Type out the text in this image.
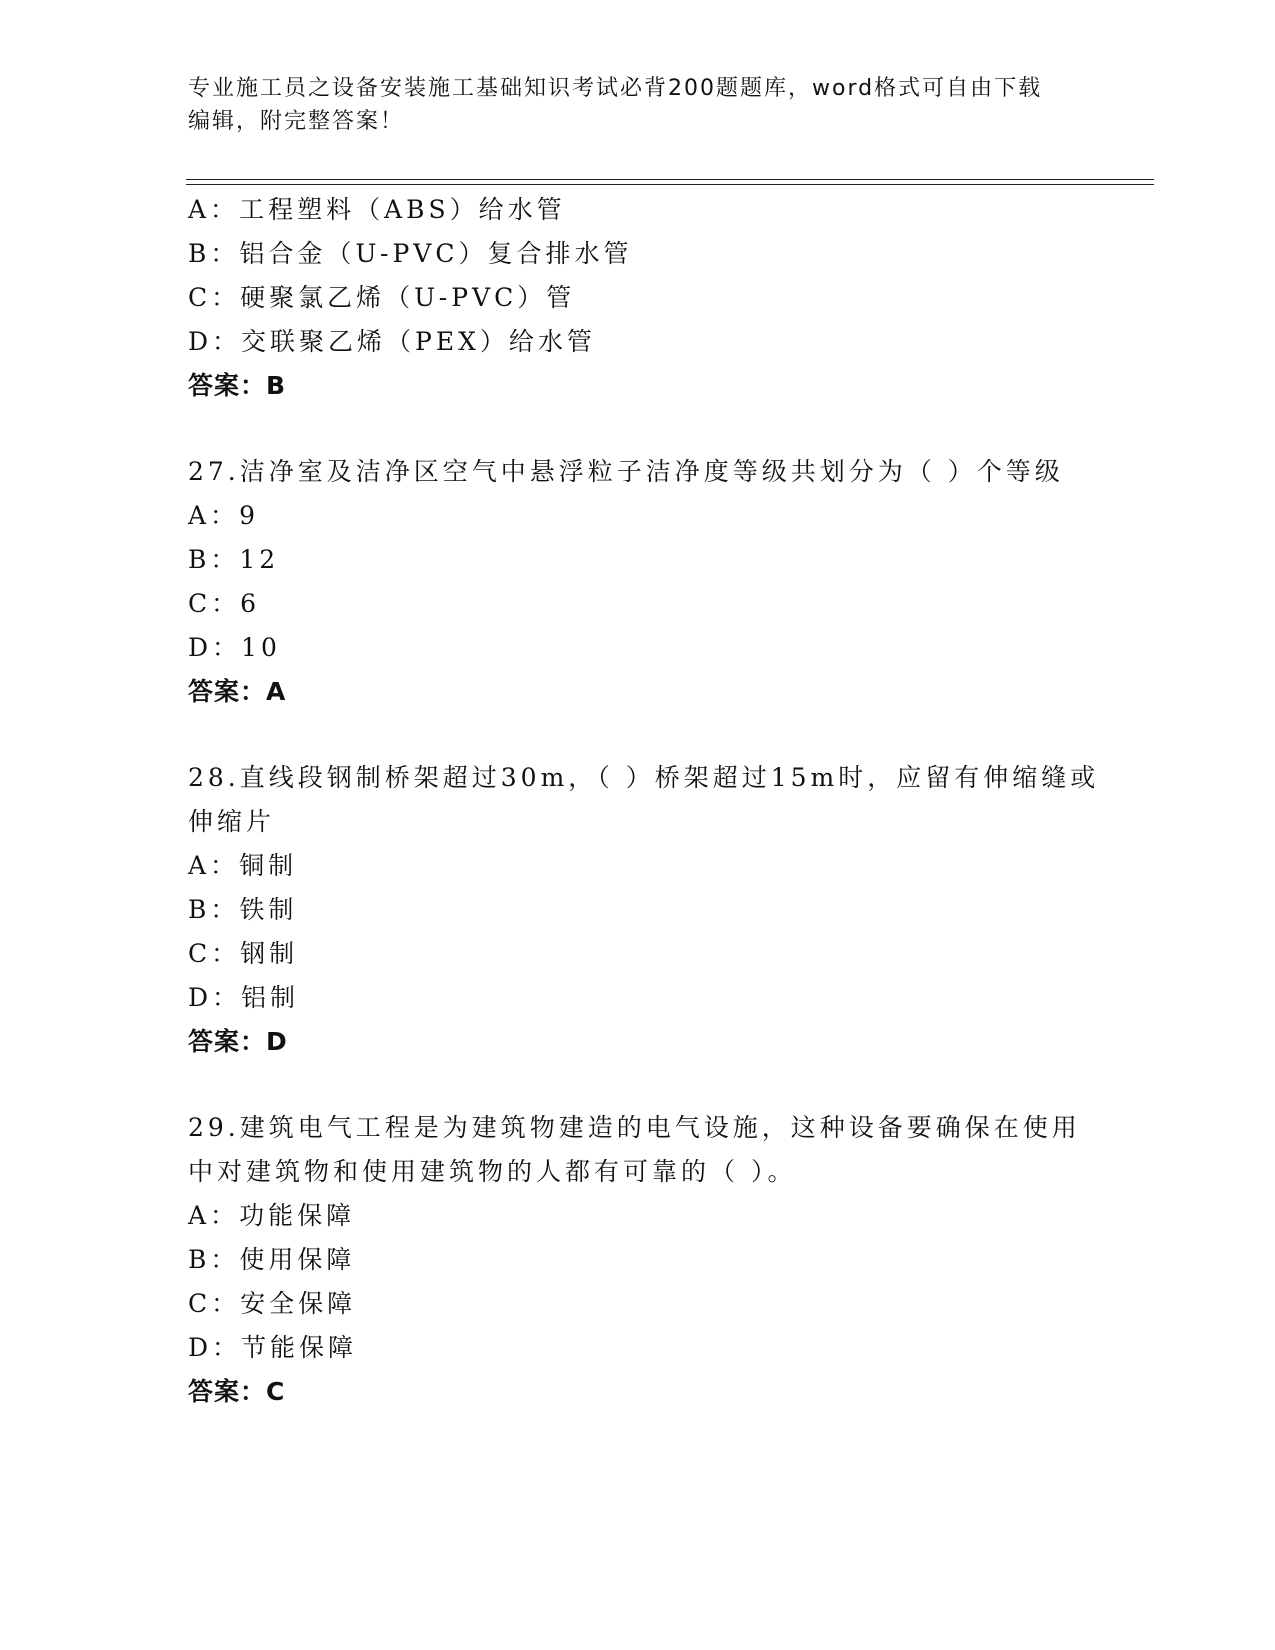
专业施工员之设备安装施工基础知识考试必背200题题库，word格式可自由下载
编辑，附完整答案！
A：工程塑料（ABS）给水管
B：铝合金（U-PVC）复合排水管
C：硬聚氯乙烯（U-PVC）管
D：交联聚乙烯（PEX）给水管
答案：B
27.洁净室及洁净区空气中悬浮粒子洁净度等级共划分为（ ）个等级
A：9
B：12
C：6
D：10
答案：A
28.直线段钢制桥架超过30m，（ ）桥架超过15m时，应留有伸缩缝或
伸缩片
A：铜制
B：铁制
C：钢制
D：铝制
答案：D
29.建筑电气工程是为建筑物建造的电气设施，这种设备要确保在使用
中对建筑物和使用建筑物的人都有可靠的（ ）。
A：功能保障
B：使用保障
C：安全保障
D：节能保障
答案：C
